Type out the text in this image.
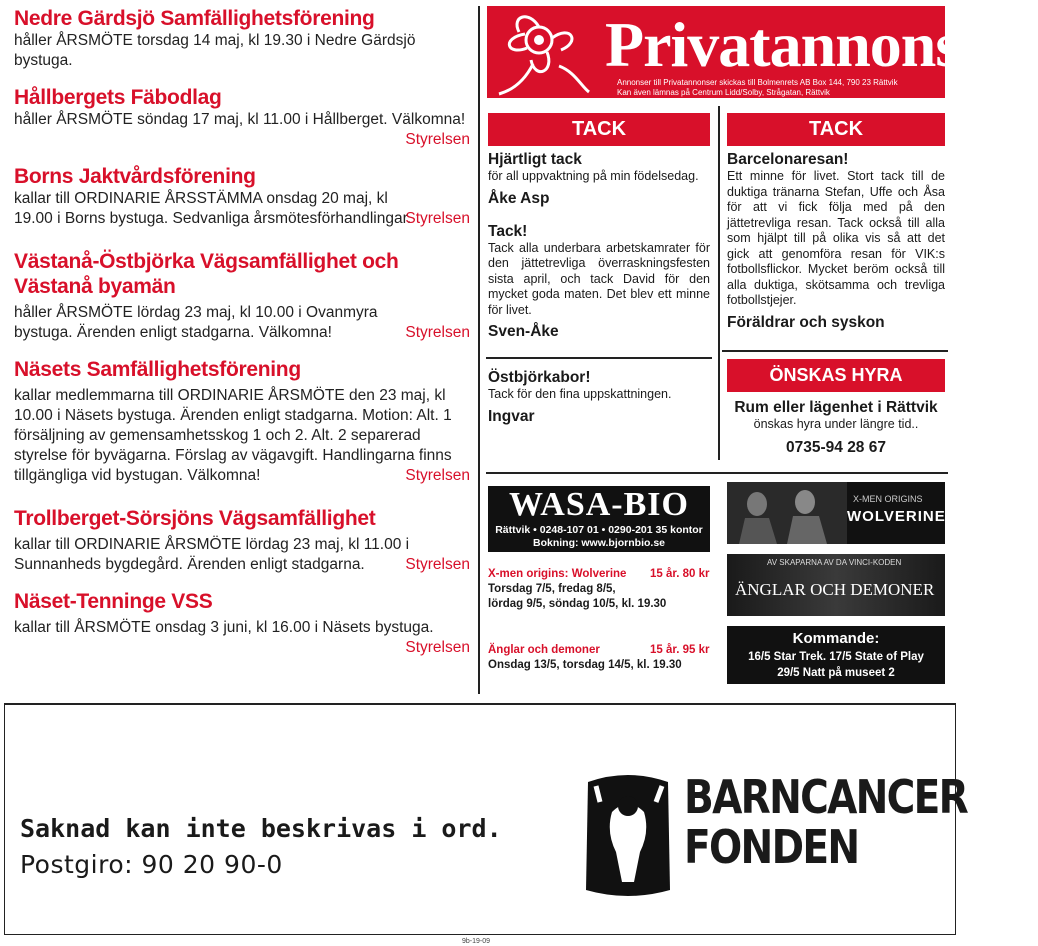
Nedre Gärdsjö Samfällighetsförening
håller ÅRSMÖTE torsdag 14 maj, kl 19.30 i Nedre Gärdsjö bystuga.
Hållbergets Fäbodlag
håller ÅRSMÖTE söndag 17 maj, kl 11.00 i Hållberget. Välkomna!
Styrelsen
Borns Jaktvårdsförening
Styrelsen
kallar till ORDINARIE ÅRSSTÄMMA onsdag 20 maj, kl 19.00 i Borns bystuga. Sedvanliga årsmötesförhandlingar.
Västanå-Östbjörka Vägsamfällighet och Västanå byamän
Styrelsen
håller ÅRSMÖTE lördag 23 maj, kl 10.00 i Ovanmyra bystuga. Ärenden enligt stadgarna. Välkomna!
Näsets Samfällighetsförening
kallar medlemmarna till ORDINARIE ÅRSMÖTE den 23 maj, kl 10.00 i Näsets bystuga. Ärenden enligt stadgarna. Motion: Alt. 1 försäljning av gemensamhetsskog 1 och 2. Alt. 2 separerad styrelse för byvägarna. Förslag av vägavgift. Handlingarna finns tillgängliga vid bystugan. Välkomna!	Styrelsen
Trollberget-Sörsjöns Vägsamfällighet
kallar till ORDINARIE ÅRSMÖTE lördag 23 maj, kl 11.00 i Sunnanheds bygdegård. Ärenden enligt stadgarna.	Styrelsen
Näset-Tenninge VSS
kallar till ÅRSMÖTE onsdag 3 juni, kl 16.00 i Näsets bystuga.
Styrelsen
Privatannonser..
Annonser till Privatannonser skickas till Bolmenrets AB Box 144, 790 23 Rättvik
Kan även lämnas på Centrum Lidd/Solby, Strågatan, Rättvik
TACK
Hjärtligt tack
för all uppvaktning på min födelsedag.
Åke Asp
Tack!
Tack alla underbara arbetskamrater för den jättetrevliga överraskningsfesten sista april, och tack David för den mycket goda maten. Det blev ett minne för livet.
Sven-Åke
Östbjörkabor!
Tack för den fina uppskattningen.
Ingvar
TACK
Barcelonaresan!
Ett minne för livet. Stort tack till de duktiga tränarna Stefan, Uffe och Åsa för att vi fick följa med på den jättetrevliga resan. Tack också till alla som hjälpt till på olika vis så att det gick att genomföra resan för VIK:s fotbollsflickor. Mycket beröm också till alla duktiga, skötsamma och trevliga fotbollstjejer.
Föräldrar och syskon
ÖNSKAS HYRA
Rum eller lägenhet i Rättvik
önskas hyra under längre tid..
0735-94 28 67
WASA-BIO
Rättvik • 0248-107 01 • 0290-201 35 kontor
Bokning: www.bjornbio.se
X-men origins: Wolverine 15 år. 80 kr
Torsdag 7/5, fredag 8/5,
lördag 9/5, söndag 10/5, kl. 19.30
Änglar och demoner	15 år. 95 kr
Onsdag 13/5, torsdag 14/5, kl. 19.30
X-MEN ORIGINS
WOLVERINE
AV SKAPARNA AV DA VINCI-KODEN
ÄNGLAR OCH DEMONER
Kommande:
16/5 Star Trek. 17/5 State of Play
29/5 Natt på museet 2
Saknad kan inte beskrivas i ord.
Postgiro: 90 20 90-0
BARNCANCER
FONDEN
9b-19-09
